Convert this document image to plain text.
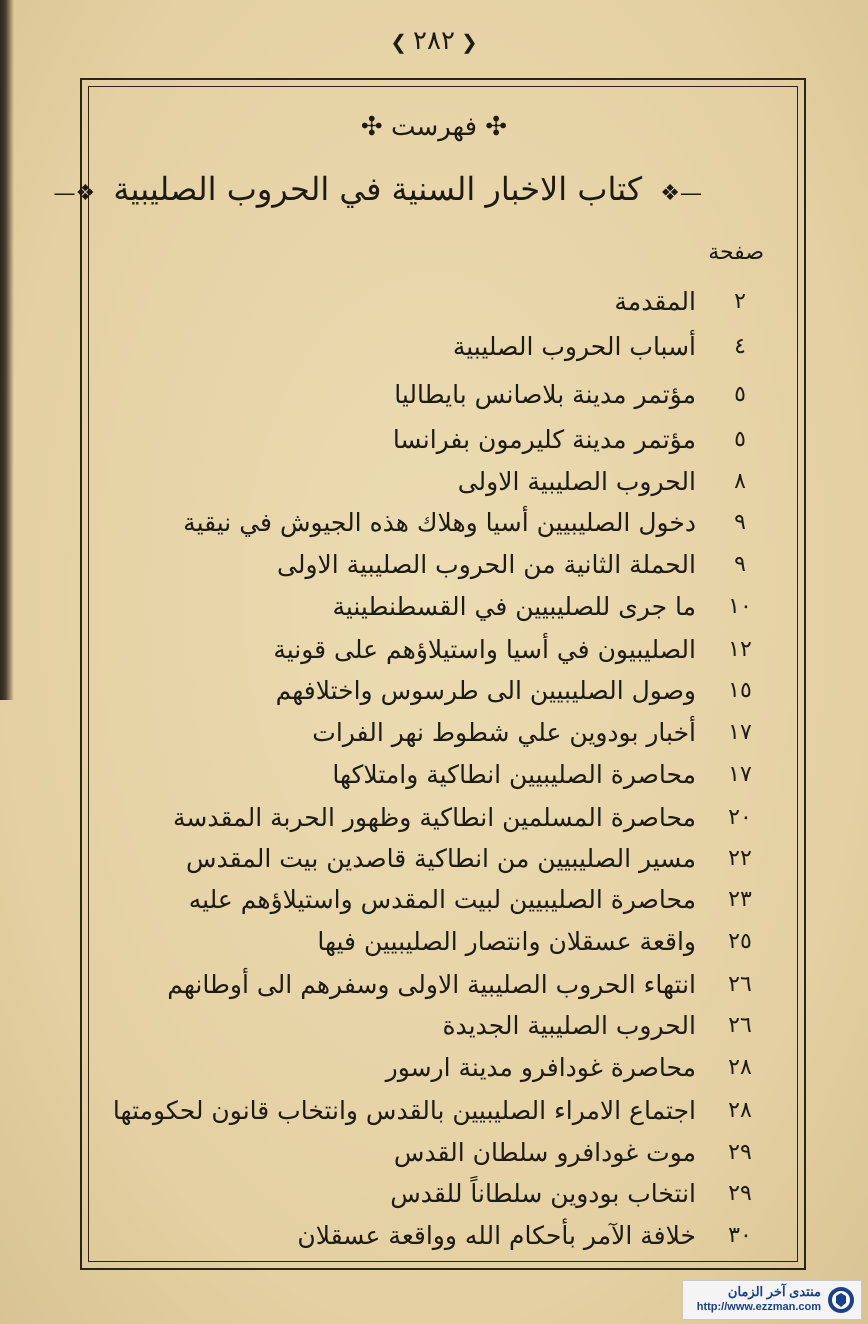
❮٢٨٢❯
✣ فهرست ✣
—❖ كتاب الاخبار السنية في الحروب الصليبية ❖—
صفحة
٢
المقدمة
٤
أسباب الحروب الصليبية
٥
مؤتمر مدينة بلاصانس بايطاليا
٥
مؤتمر مدينة كليرمون بفرانسا
٨
الحروب الصليبية الاولى
٩
دخول الصليبيين أسيا وهلاك هذه الجيوش في نيقية
٩
الحملة الثانية من الحروب الصليبية الاولى
١٠
ما جرى للصليبيين في القسطنطينية
١٢
الصليبيون في أسيا واستيلاؤهم على قونية
١٥
وصول الصليبيين الى طرسوس واختلافهم
١٧
أخبار بودوين علي شطوط نهر الفرات
١٧
محاصرة الصليبيين انطاكية وامتلاكها
٢٠
محاصرة المسلمين انطاكية وظهور الحربة المقدسة
٢٢
مسير الصليبيين من انطاكية قاصدين بيت المقدس
٢٣
محاصرة الصليبيين لبيت المقدس واستيلاؤهم عليه
٢٥
واقعة عسقلان وانتصار الصليبيين فيها
٢٦
انتهاء الحروب الصليبية الاولى وسفرهم الى أوطانهم
٢٦
الحروب الصليبية الجديدة
٢٨
محاصرة غودافرو مدينة ارسور
٢٨
اجتماع الامراء الصليبيين بالقدس وانتخاب قانون لحكومتها
٢٩
موت غودافرو سلطان القدس
٢٩
انتخاب بودوين سلطاناً للقدس
٣٠
خلافة الآمر بأحكام الله وواقعة عسقلان
منتدى آخر الزمان
http://www.ezzman.com
